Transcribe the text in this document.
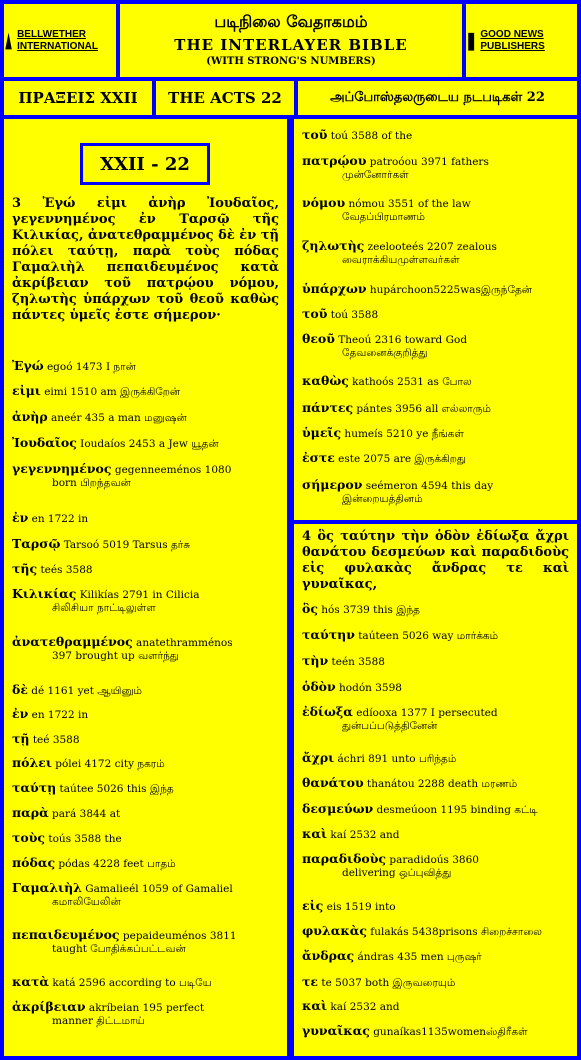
BELLWETHER INTERNATIONAL
படிநிலை வேதாகமம்
THE INTERLAYER BIBLE
(WITH STRONG'S NUMBERS)
GOOD NEWS PUBLISHERS
ΠΡΑΞΕΙΣ XXII THE ACTS 22	அப்போஸ்தலருடைய நடபடிகள் 22
XXII - 22
3 Ἐγώ εἰμι ἀνὴρ Ἰουδαῖος, γεγεννημένος ἐν Ταρσῷ τῆς Κιλικίας, ἀνατεθραμμένος δὲ ἐν τῇ πόλει ταύτῃ, παρὰ τοὺς πόδας Γαμαλιὴλ πεπαιδευμένος κατὰ ἀκρίβειαν τοῦ πατρῴου νόμου, ζηλωτὴς ὑπάρχων τοῦ θεοῦ καθὼς πάντες ὑμεῖς ἐστε σήμερον·
4 ὃς ταύτην τὴν ὁδὸν ἐδίωξα ἄχρι θανάτου δεσμεύων καὶ παραδιδοὺς εἰς φυλακὰς ἄνδρας τε καὶ γυναῖκας,
Ἐγώ egoó 1473 I நான்
εἰμι eimi 1510 am இருக்கிறேன்
ἀνὴρ aneér 435 a man மனுஷன்
Ἰουδαῖος Ioudaíos 2453 a Jew யூதன்
γεγεννημένος gegenneeménos 1080
born பிறந்தவன்
ἐν en 1722 in
Ταρσῷ Tarsoó 5019 Tarsus தர்சு
τῆς teés 3588
Κιλικίας Kilikías 2791 in Cilicia
சிலிசியா நாட்டிலுள்ள
ἀνατεθραμμένος anatethramménos
397 brought up வளர்ந்து
δὲ dé 1161 yet ஆயினும்
ἐν en 1722 in
τῇ teé 3588
πόλει pólei 4172 city நகரம்
ταύτῃ taútee 5026 this இந்த
παρὰ pará 3844 at
τοὺς toús 3588 the
πόδας pódas 4228 feet பாதம்
Γαμαλιὴλ Gamalieél 1059 of Gamaliel
கமாலியேலின்
πεπαιδευμένος pepaideuménos 3811
taught போதிக்கப்பட்டவன்
κατὰ katá 2596 according to படியே
ἀκρίβειαν akríbeian 195 perfect
manner திட்டமாய்
τοῦ toú 3588 of the
πατρῴου patroóou 3971 fathers
முன்னோர்கள்
νόμου nómou 3551 of the law
வேதப்பிரமாணம்
ζηλωτὴς zeelooteés 2207 zealous
வைராக்கியமுள்ளவர்கள்
ὑπάρχων hupárchoon5225wasஇருந்தேன்
τοῦ toú 3588
θεοῦ Theoú 2316 toward God
தேவனைக்குறித்து
καθὼς kathoós 2531 as போல
πάντες pántes 3956 all எல்லாரும்
ὑμεῖς humeís 5210 ye நீங்கள்
ἐστε este 2075 are இருக்கிறது
σήμερον seémeron 4594 this day
இன்றையத்தினம்
ὃς hós 3739 this இந்த
ταύτην taúteen 5026 way மார்க்கம்
τὴν teén 3588
ὁδὸν hodón 3598
ἐδίωξα edíooxa 1377 I persecuted
துன்பப்படுத்தினேன்
ἄχρι áchri 891 unto பரிந்தம்
θανάτου thanátou 2288 death மரணம்
δεσμεύων desmeúoon 1195 binding கட்டி
καὶ kaí 2532 and
παραδιδοὺς paradidoús 3860
delivering ஒப்புவித்து
εἰς eis 1519 into
φυλακὰς fulakás 5438prisons சிறைச்சாலை
ἄνδρας ándras 435 men புருஷர்
τε te 5037 both இருவரையும்
καὶ kaí 2532 and
γυναῖκας gunaíkas1135womenஸ்திரீகள்
